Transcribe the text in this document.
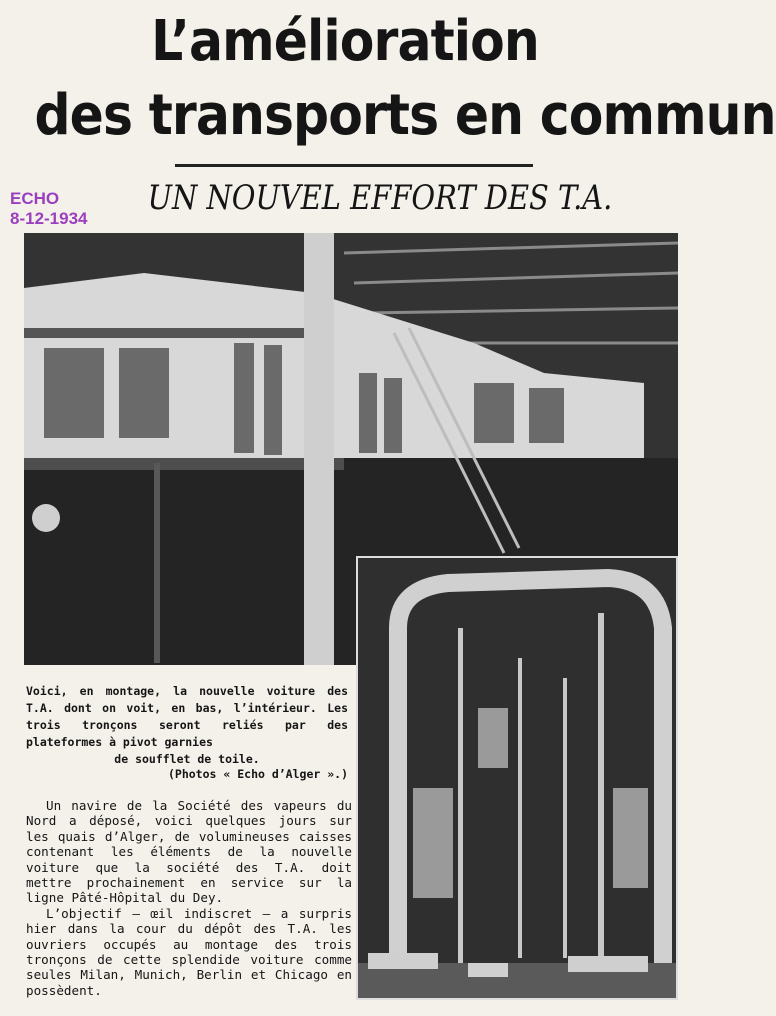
L’amélioration
des transports en commun
ECHO
8-12-1934
UN NOUVEL EFFORT DES T.A.
Voici, en montage, la nouvelle voiture des T.A. dont on voit, en bas, l’intérieur. Les trois tronçons seront reliés par des plateformes à pivot garnies
de soufflet de toile.
(Photos « Echo d’Alger ».)

Un navire de la Société des vapeurs du Nord a déposé, voici quelques jours sur les quais d’Alger, de volumineuses caisses contenant les éléments de la nouvelle voiture que la société des T.A. doit mettre prochainement en service sur la ligne Pâté-Hôpital du Dey.

L’objectif — œil indiscret — a surpris hier dans la cour du dépôt des T.A. les ouvriers occupés au montage des trois tronçons de cette splendide voiture comme seules Milan, Munich, Berlin et Chicago en possèdent.
